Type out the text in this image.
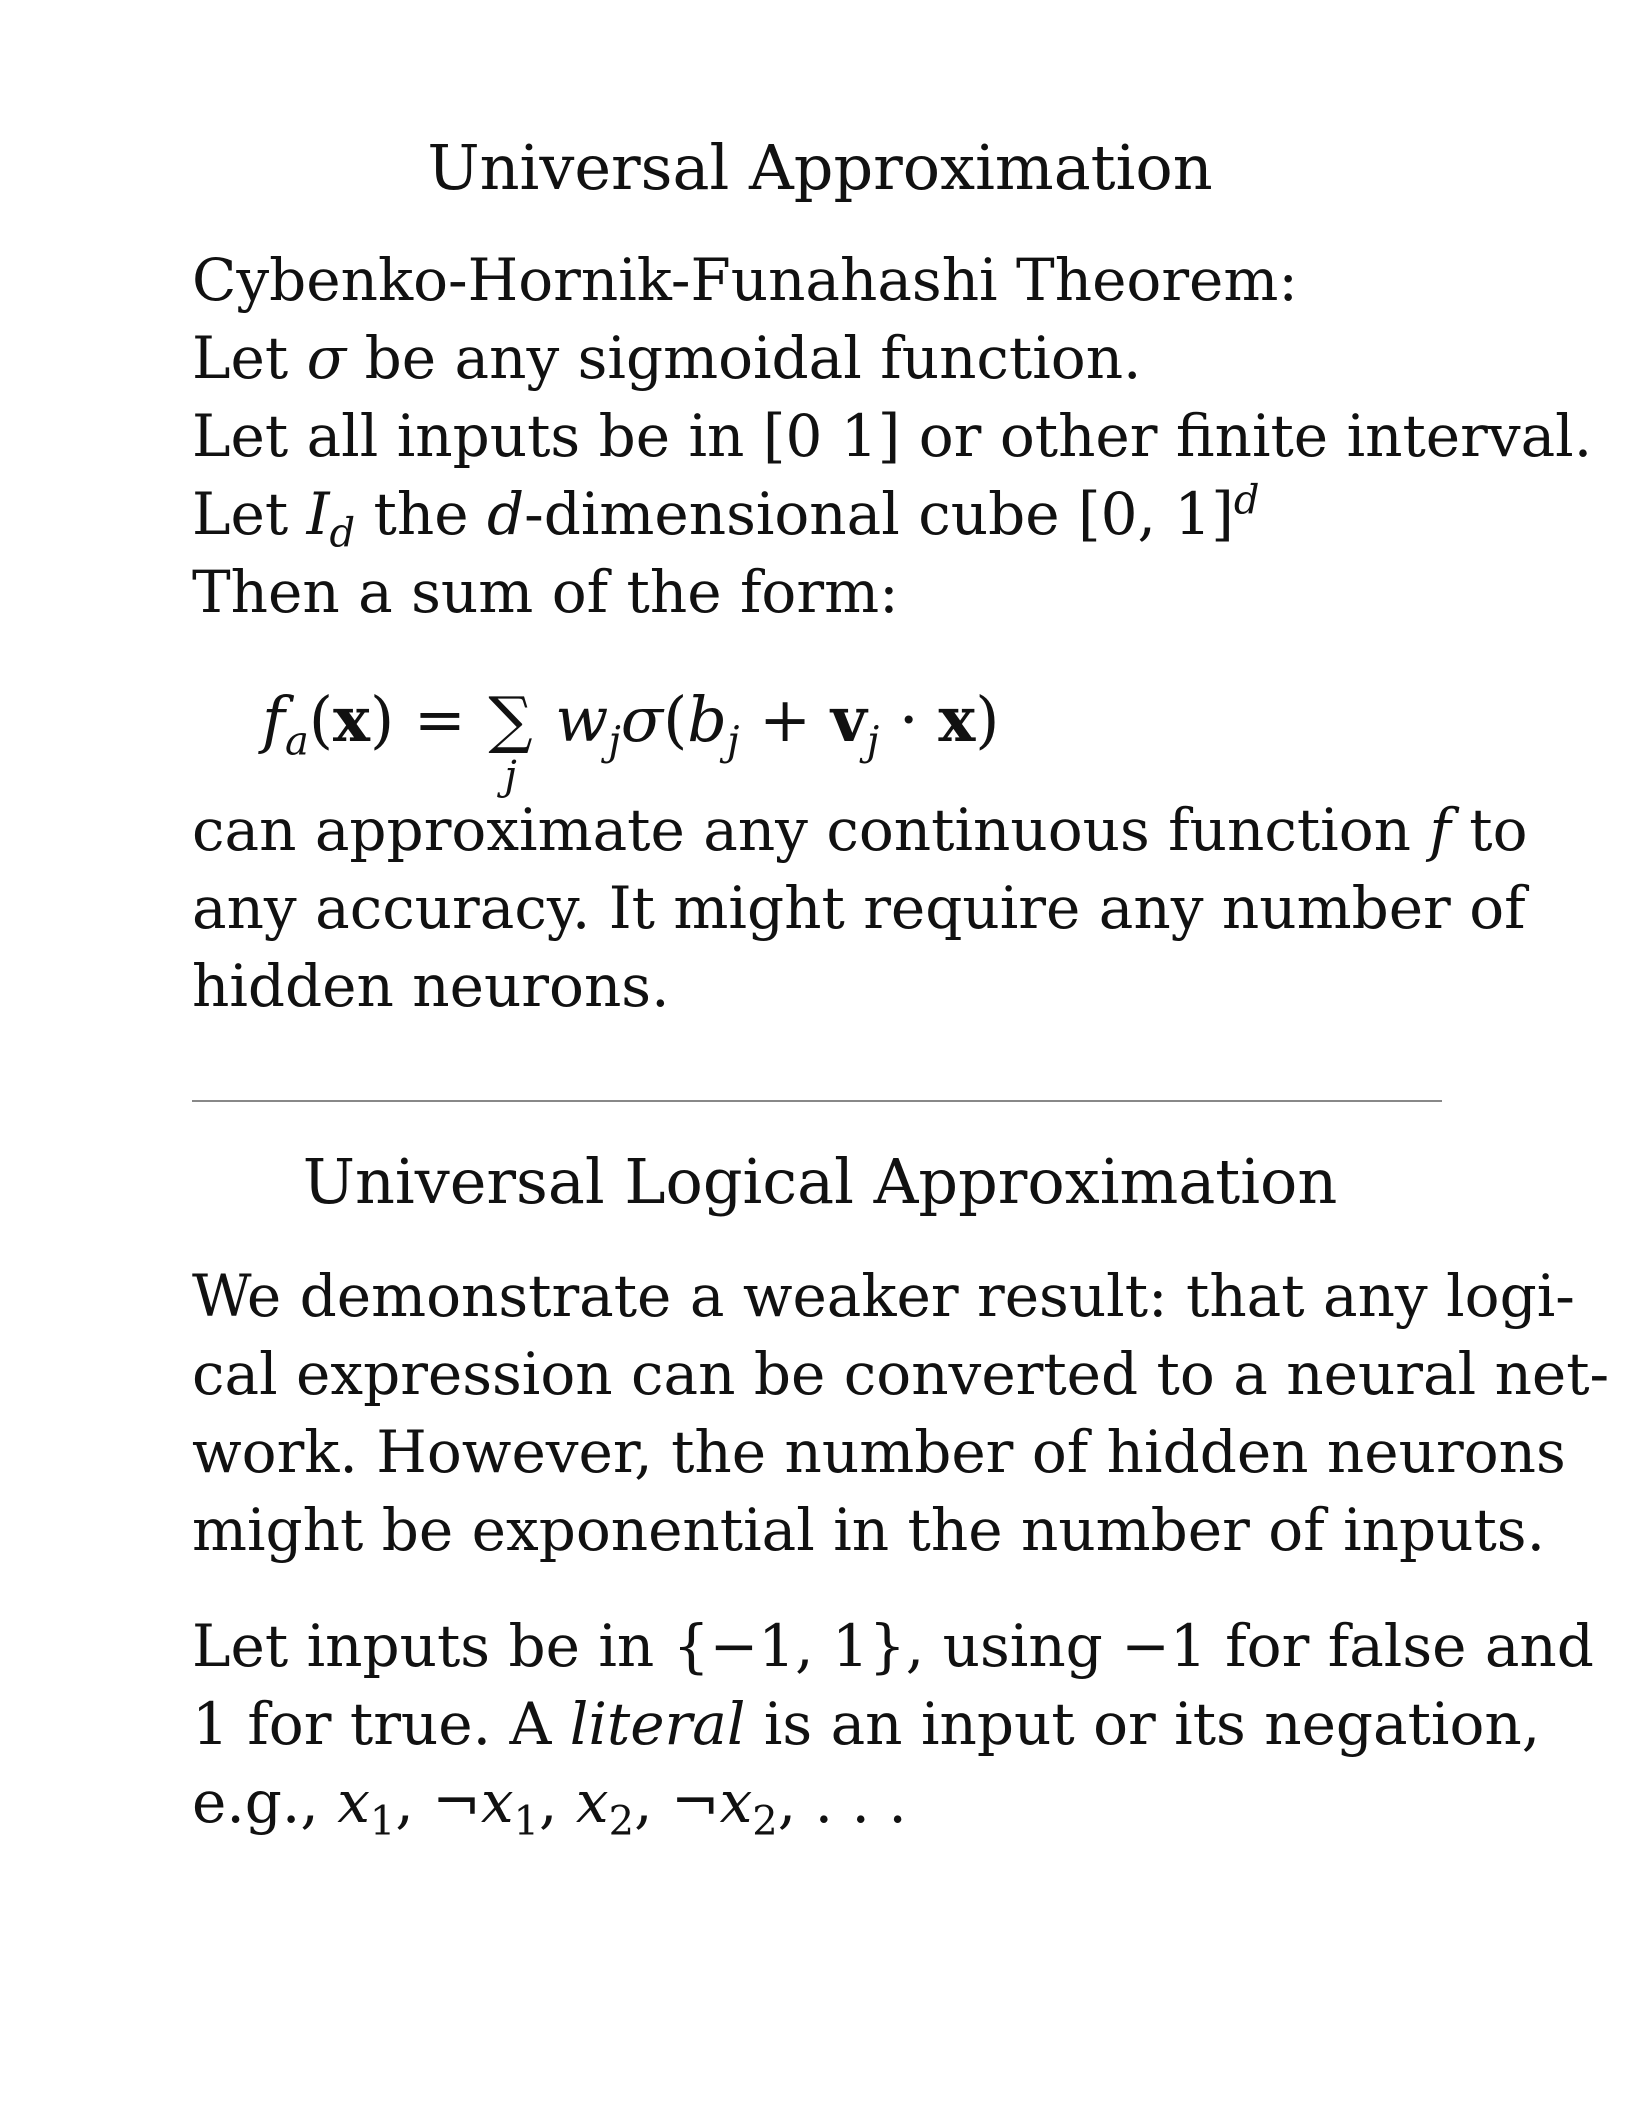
Universal Approximation
Cybenko-Hornik-Funahashi Theorem:
Let σ be any sigmoidal function.
Let all inputs be in [0 1] or other finite interval.
Let $I_d$ the d-dimensional cube [0, 1]$^d$
Then a sum of the form:
$f_a(x)$ = ∑
j
$w_j\sigma(b_j + v_j \cdot x)$
can approximate any continuous function f to
any accuracy. It might require any number of
hidden neurons.
Universal Logical Approximation
We demonstrate a weaker result: that any logi-
cal expression can be converted to a neural net-
work. However, the number of hidden neurons
might be exponential in the number of inputs.
Let inputs be in {−1, 1}, using −1 for false and
1 for true. A literal is an input or its negation,
e.g., $x_1$, $\neg x_1$, $x_2$, $\neg x_2$, . . .
